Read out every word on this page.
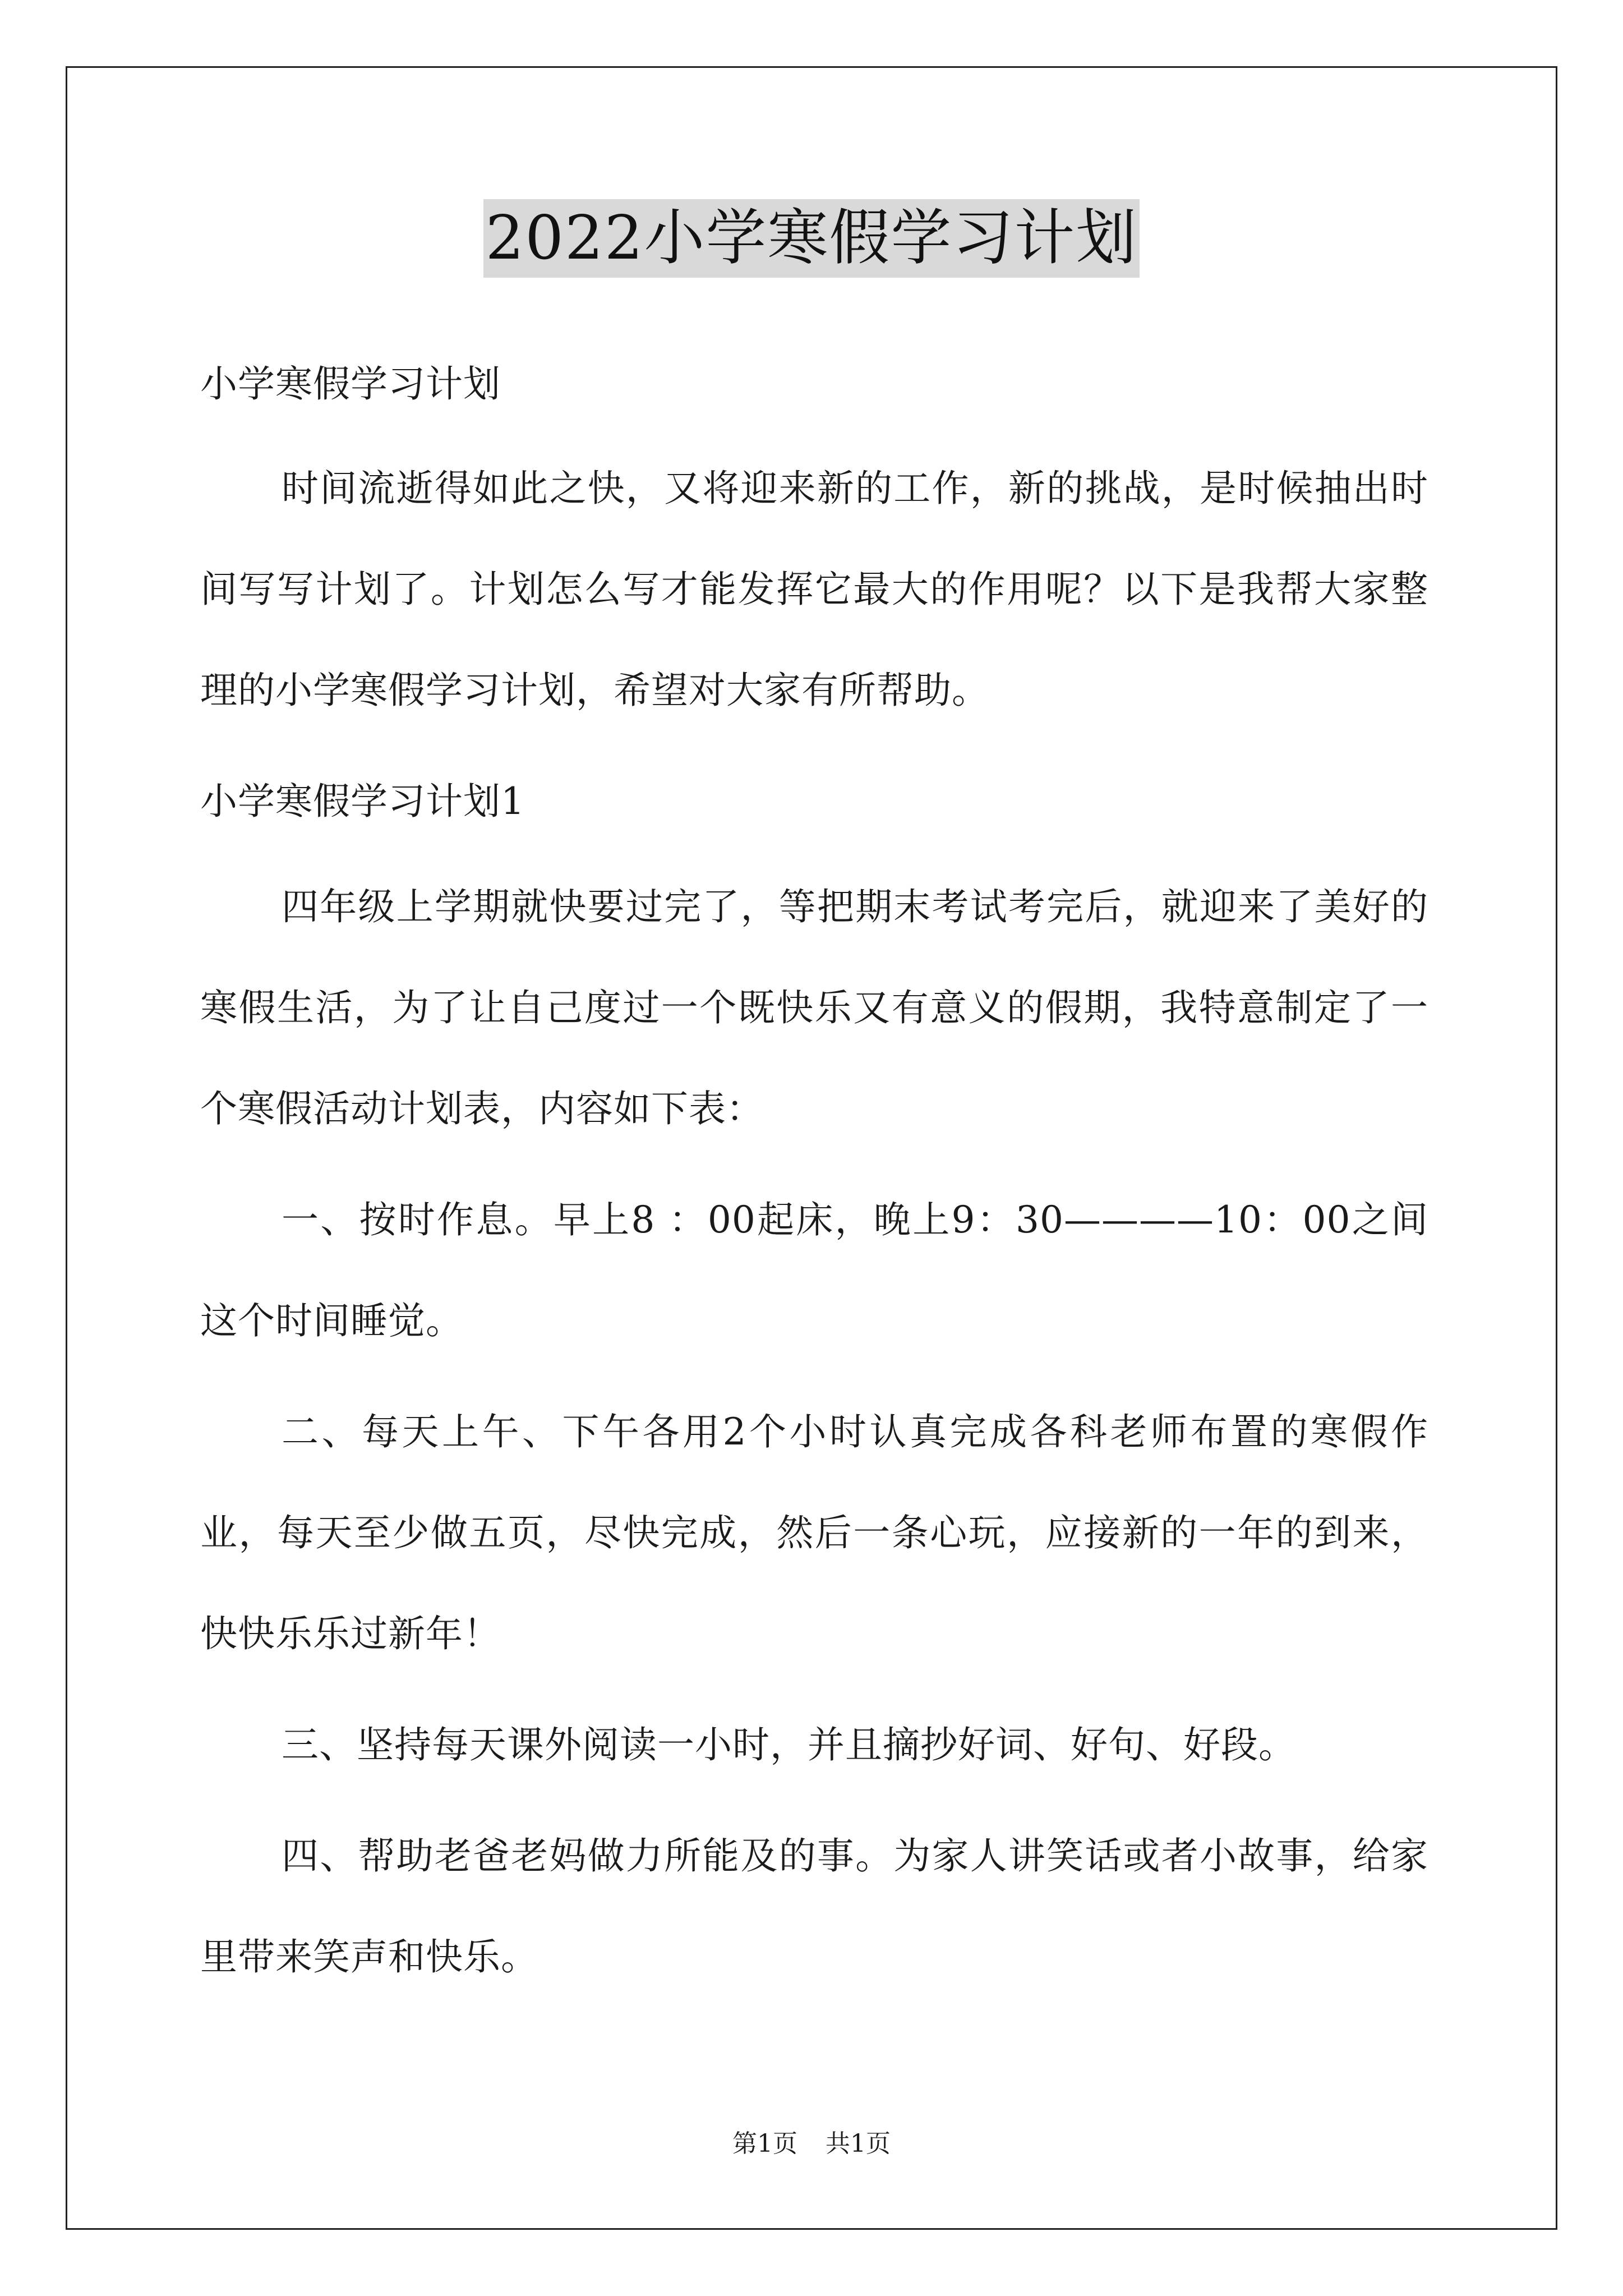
2022小学寒假学习计划

小学寒假学习计划

时间流逝得如此之快，又将迎来新的工作，新的挑战，是时候抽出时间写写计划了。计划怎么写才能发挥它最大的作用呢？以下是我帮大家整理的小学寒假学习计划，希望对大家有所帮助。

小学寒假学习计划1

四年级上学期就快要过完了，等把期末考试考完后，就迎来了美好的寒假生活，为了让自己度过一个既快乐又有意义的假期，我特意制定了一个寒假活动计划表，内容如下表：

一、按时作息。早上8 ：00起床，晚上9：30————10：00之间这个时间睡觉。

二、每天上午、下午各用2个小时认真完成各科老师布置的寒假作业，每天至少做五页，尽快完成，然后一条心玩，应接新的一年的到来，快快乐乐过新年！

三、坚持每天课外阅读一小时，并且摘抄好词、好句、好段。

四、帮助老爸老妈做力所能及的事。为家人讲笑话或者小故事，给家里带来笑声和快乐。

第1页 共1页
